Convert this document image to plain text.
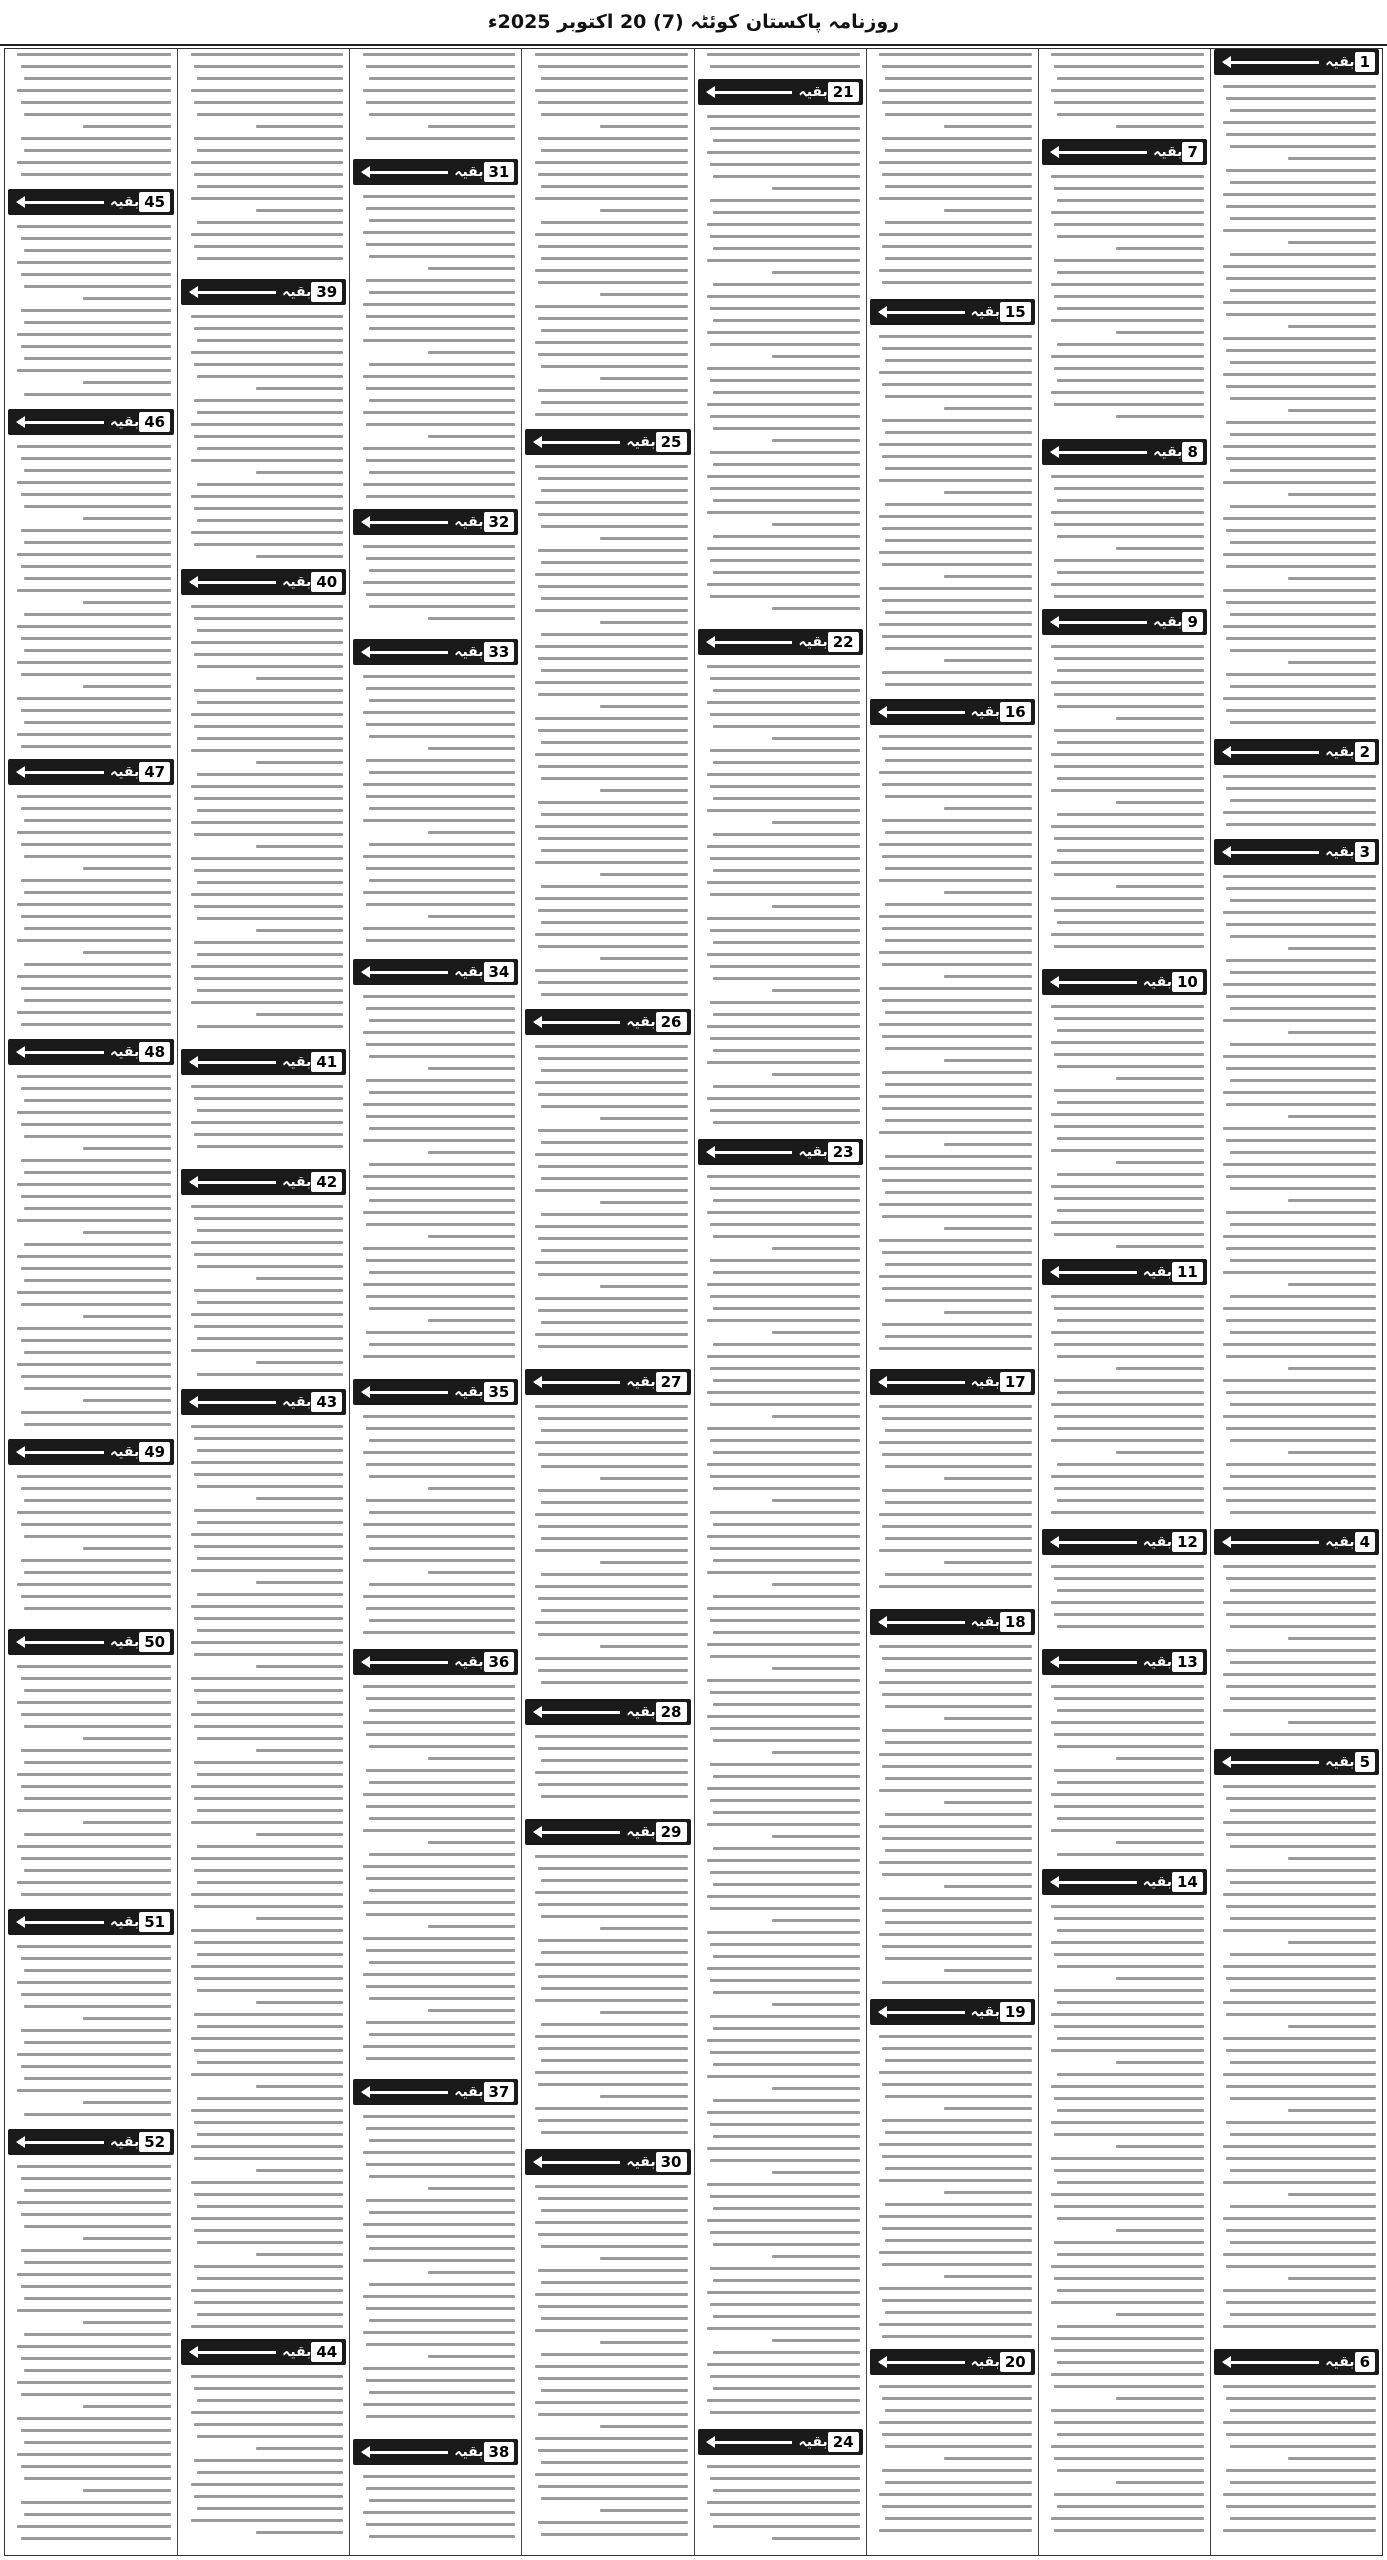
روزنامہ پاکستان کوئٹہ (7) 20 اکتوبر 2025ء
بقیہ 1
بقیہ 2
بقیہ 3
بقیہ 4
بقیہ 5
بقیہ 6
بقیہ 7
بقیہ 8
بقیہ 9
بقیہ 10
بقیہ 11
بقیہ 12
بقیہ 13
بقیہ 14
بقیہ 15
بقیہ 16
بقیہ 17
بقیہ 18
بقیہ 19
بقیہ 20
بقیہ 21
بقیہ 22
بقیہ 23
بقیہ 24
بقیہ 25
بقیہ 26
بقیہ 27
بقیہ 28
بقیہ 29
بقیہ 30
بقیہ 31
بقیہ 32
بقیہ 33
بقیہ 34
بقیہ 35
بقیہ 36
بقیہ 37
بقیہ 38
بقیہ 39
بقیہ 40
بقیہ 41
بقیہ 42
بقیہ 43
بقیہ 44
بقیہ 45
بقیہ 46
بقیہ 47
بقیہ 48
بقیہ 49
بقیہ 50
بقیہ 51
بقیہ 52
